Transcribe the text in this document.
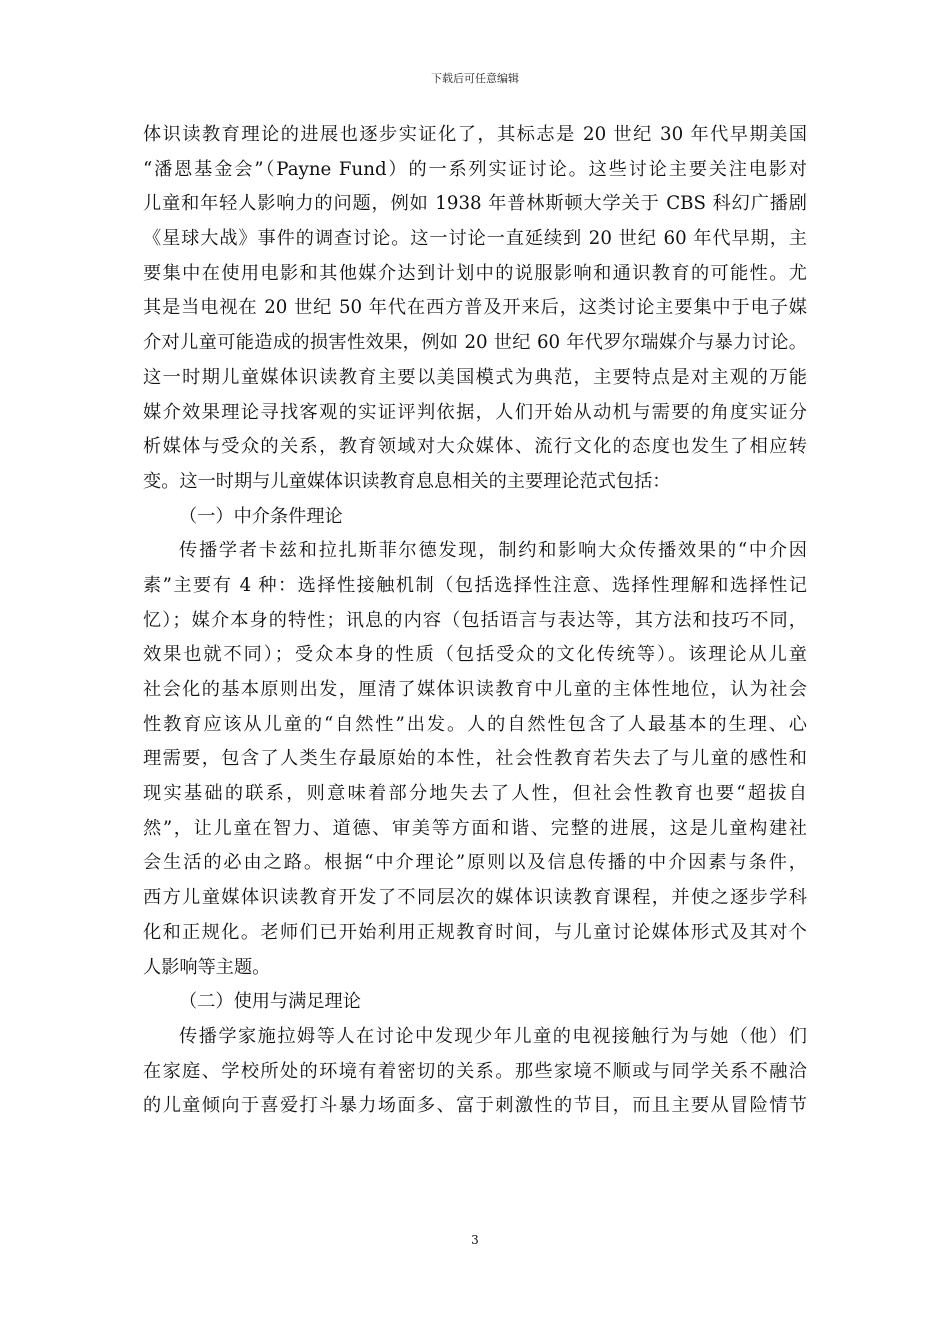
下载后可任意编辑
体识读教育理论的进展也逐步实证化了，其标志是 20 世纪 30 年代早期美国
“潘恩基金会”（Payne Fund）的一系列实证讨论。这些讨论主要关注电影对
儿童和年轻人影响力的问题，例如 1938 年普林斯顿大学关于 CBS 科幻广播剧
《星球大战》事件的调查讨论。这一讨论一直延续到 20 世纪 60 年代早期，主
要集中在使用电影和其他媒介达到计划中的说服影响和通识教育的可能性。尤
其是当电视在 20 世纪 50 年代在西方普及开来后，这类讨论主要集中于电子媒
介对儿童可能造成的损害性效果，例如 20 世纪 60 年代罗尔瑞媒介与暴力讨论。
这一时期儿童媒体识读教育主要以美国模式为典范，主要特点是对主观的万能
媒介效果理论寻找客观的实证评判依据，人们开始从动机与需要的角度实证分
析媒体与受众的关系，教育领域对大众媒体、流行文化的态度也发生了相应转
变。这一时期与儿童媒体识读教育息息相关的主要理论范式包括：
（一）中介条件理论
传播学者卡兹和拉扎斯菲尔德发现，制约和影响大众传播效果的“中介因
素”主要有 4 种：选择性接触机制（包括选择性注意、选择性理解和选择性记
忆）；媒介本身的特性；讯息的内容（包括语言与表达等，其方法和技巧不同，
效果也就不同）；受众本身的性质（包括受众的文化传统等）。该理论从儿童
社会化的基本原则出发，厘清了媒体识读教育中儿童的主体性地位，认为社会
性教育应该从儿童的“自然性”出发。人的自然性包含了人最基本的生理、心
理需要，包含了人类生存最原始的本性，社会性教育若失去了与儿童的感性和
现实基础的联系，则意味着部分地失去了人性，但社会性教育也要“超拔自
然”，让儿童在智力、道德、审美等方面和谐、完整的进展，这是儿童构建社
会生活的必由之路。根据“中介理论”原则以及信息传播的中介因素与条件，
西方儿童媒体识读教育开发了不同层次的媒体识读教育课程，并使之逐步学科
化和正规化。老师们已开始利用正规教育时间，与儿童讨论媒体形式及其对个
人影响等主题。
（二）使用与满足理论
传播学家施拉姆等人在讨论中发现少年儿童的电视接触行为与她（他）们
在家庭、学校所处的环境有着密切的关系。那些家境不顺或与同学关系不融洽
的儿童倾向于喜爱打斗暴力场面多、富于刺激性的节目，而且主要从冒险情节
3
